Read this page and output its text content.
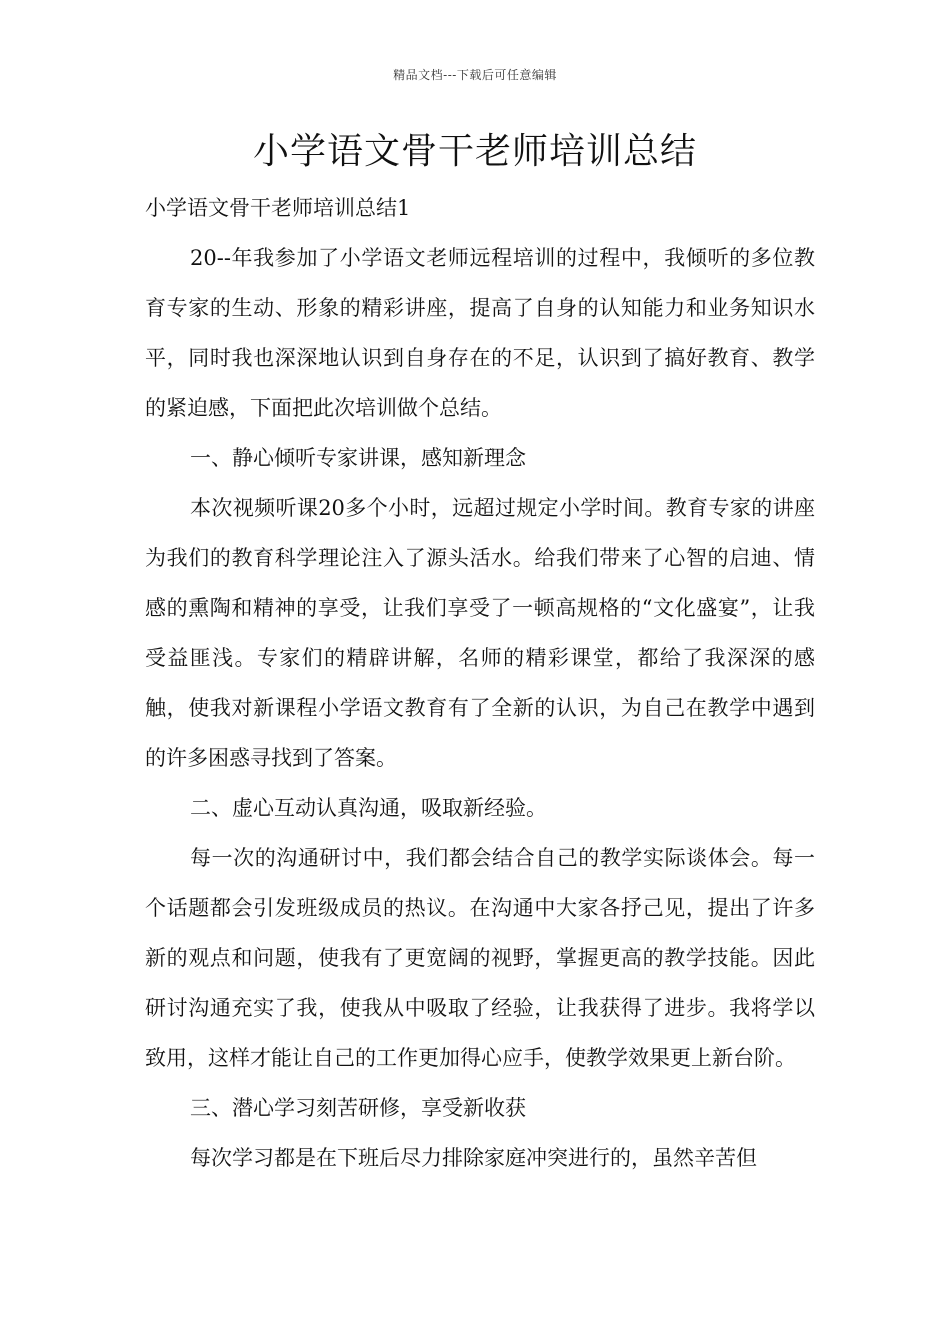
精品文档---下载后可任意编辑
小学语文骨干老师培训总结

小学语文骨干老师培训总结1

20--年我参加了小学语文老师远程培训的过程中，我倾听的多位教育专家的生动、形象的精彩讲座，提高了自身的认知能力和业务知识水平，同时我也深深地认识到自身存在的不足，认识到了搞好教育、教学的紧迫感，下面把此次培训做个总结。

一、静心倾听专家讲课，感知新理念

本次视频听课20多个小时，远超过规定小学时间。教育专家的讲座为我们的教育科学理论注入了源头活水。给我们带来了心智的启迪、情感的熏陶和精神的享受，让我们享受了一顿高规格的“文化盛宴”，让我受益匪浅。专家们的精辟讲解，名师的精彩课堂，都给了我深深的感触，使我对新课程小学语文教育有了全新的认识，为自己在教学中遇到的许多困惑寻找到了答案。

二、虚心互动认真沟通，吸取新经验。

每一次的沟通研讨中，我们都会结合自己的教学实际谈体会。每一个话题都会引发班级成员的热议。在沟通中大家各抒己见，提出了许多新的观点和问题，使我有了更宽阔的视野，掌握更高的教学技能。因此研讨沟通充实了我，使我从中吸取了经验，让我获得了进步。我将学以致用，这样才能让自己的工作更加得心应手，使教学效果更上新台阶。

三、潜心学习刻苦研修，享受新收获

每次学习都是在下班后尽力排除家庭冲突进行的，虽然辛苦但
